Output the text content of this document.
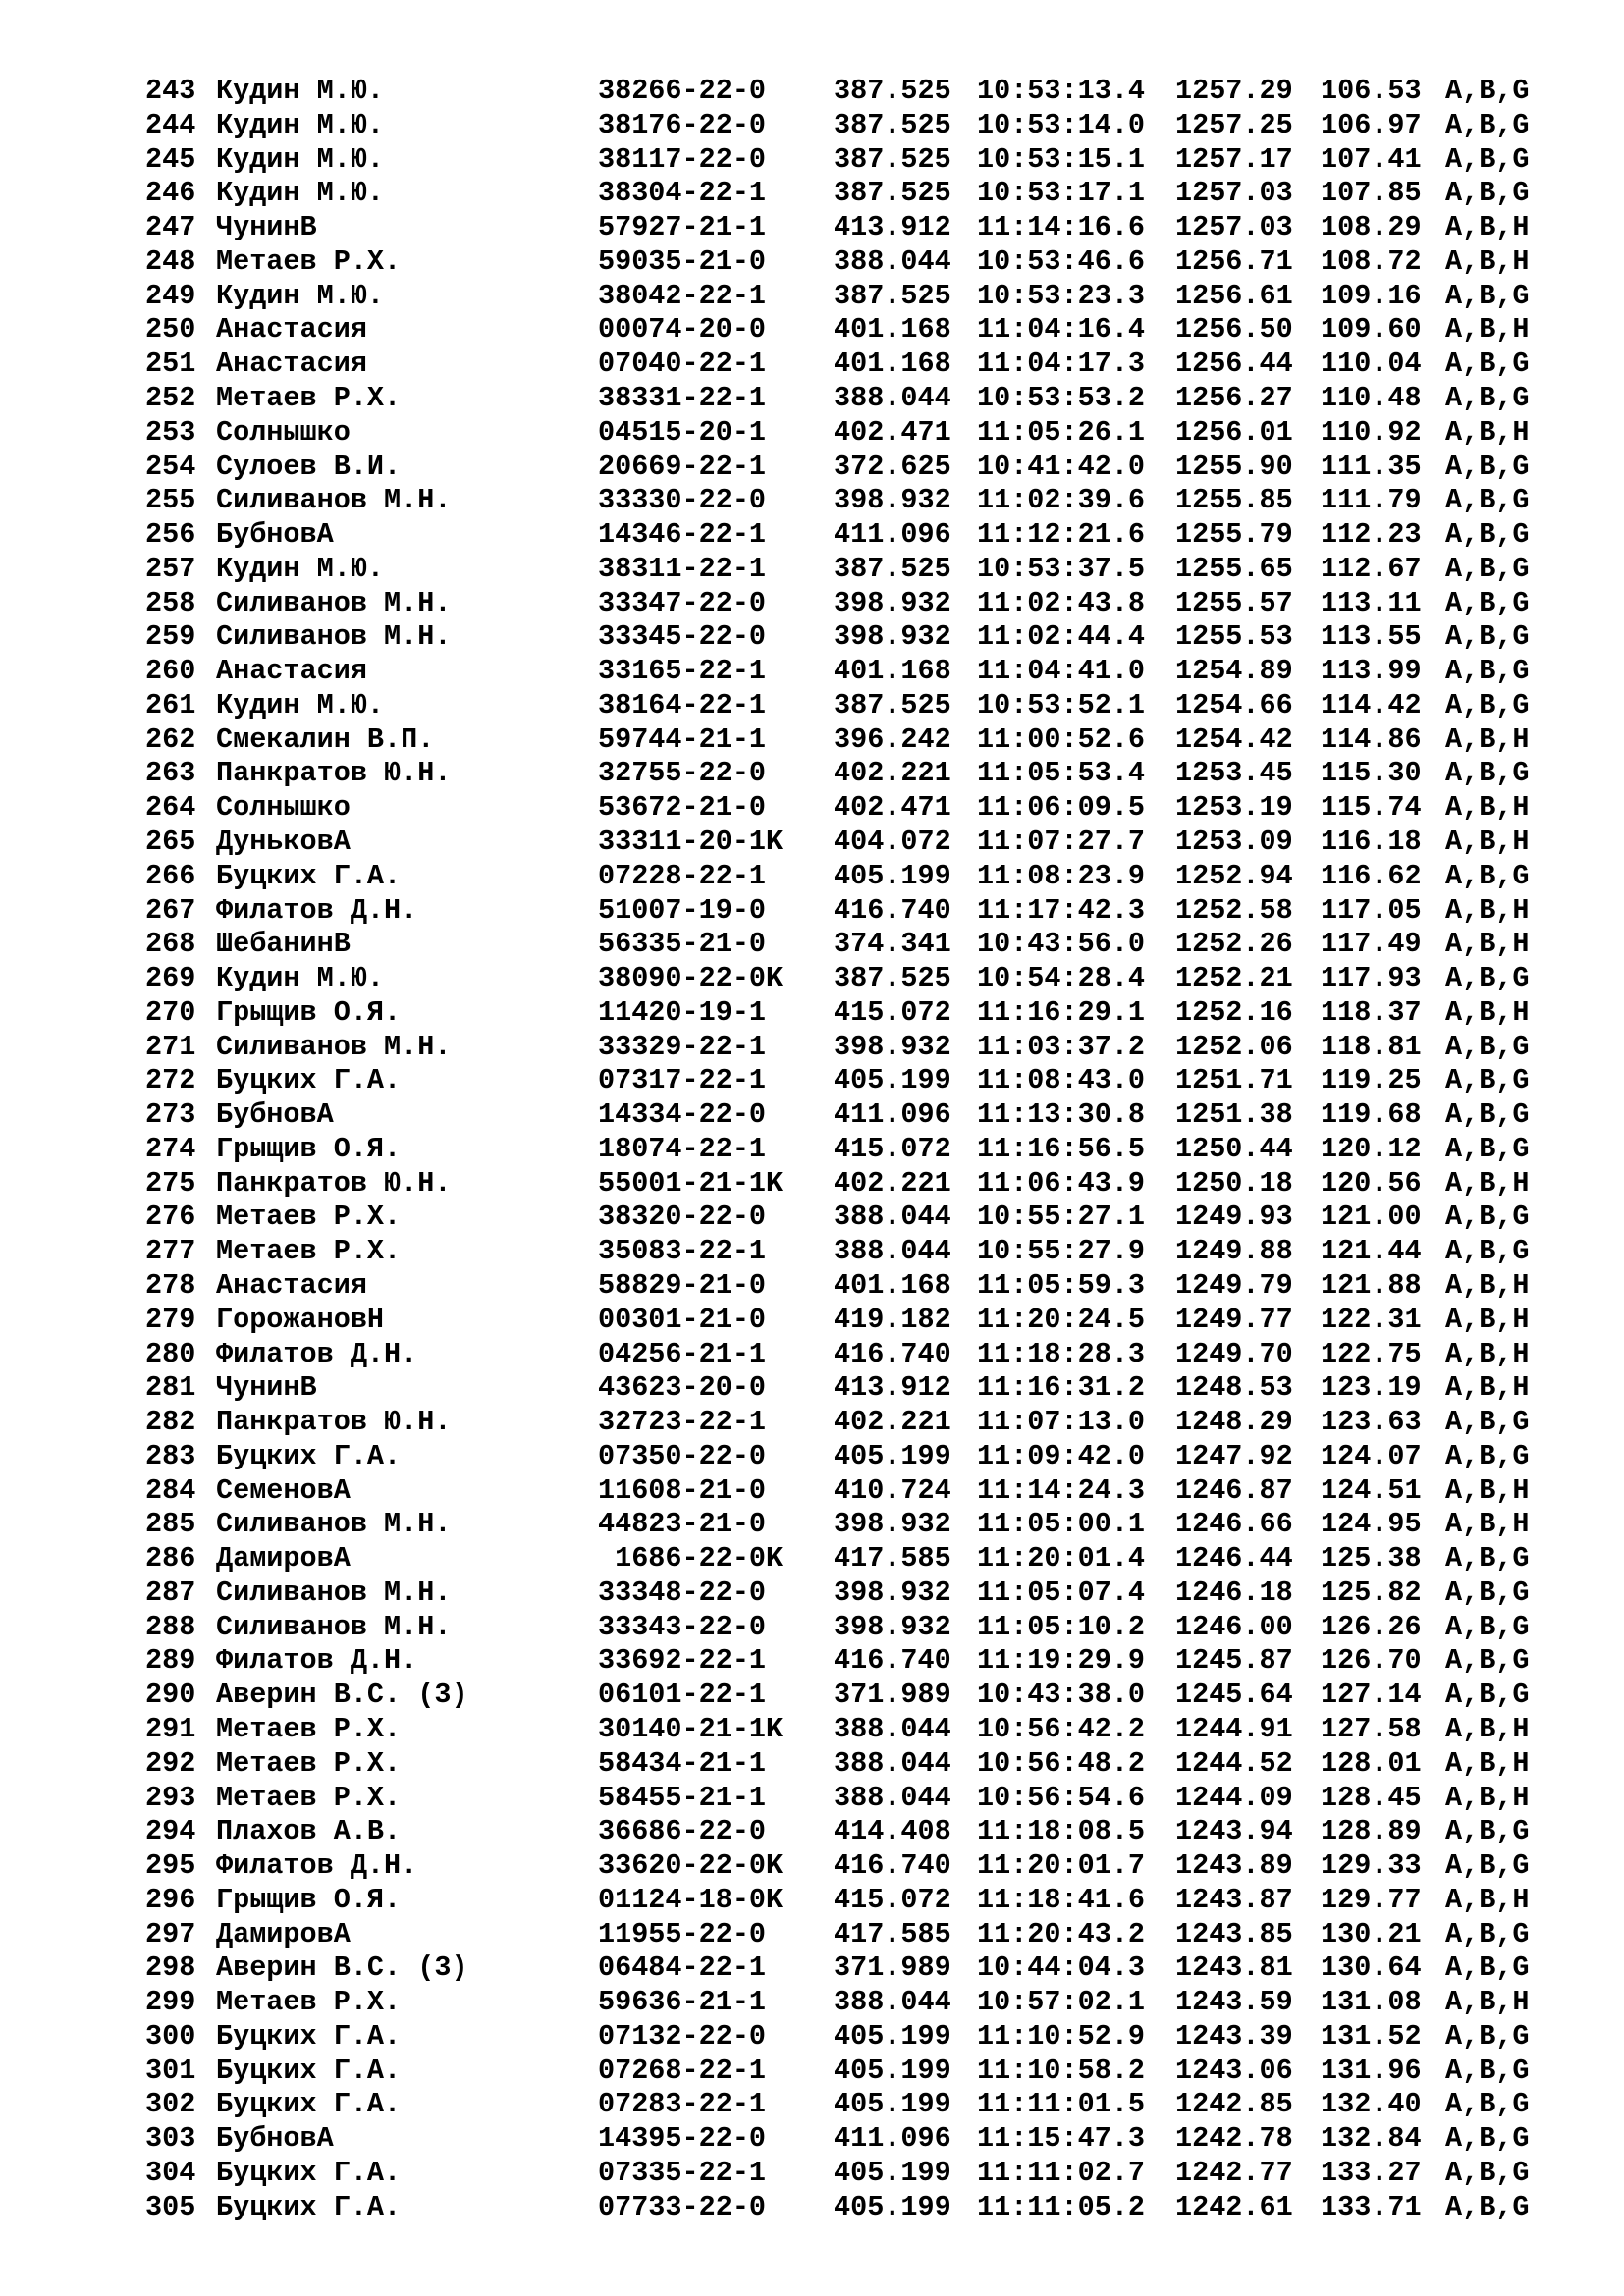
243 Кудин М.Ю.	38266-22-0 387.525 10:53:13.4 1257.29 106.53 A,B,G
244 Кудин М.Ю.	38176-22-0 387.525 10:53:14.0 1257.25 106.97 A,B,G
245 Кудин М.Ю.	38117-22-0 387.525 10:53:15.1 1257.17 107.41 A,B,G
246 Кудин М.Ю.	38304-22-1 387.525 10:53:17.1 1257.03 107.85 A,B,G
247 ЧунинВ	57927-21-1 413.912 11:14:16.6 1257.03 108.29 A,B,H
248 Метаев Р.Х.	59035-21-0 388.044 10:53:46.6 1256.71 108.72 A,B,H
249 Кудин М.Ю.	38042-22-1 387.525 10:53:23.3 1256.61 109.16 A,B,G
250 Анастасия	00074-20-0 401.168 11:04:16.4 1256.50 109.60 A,B,H
251 Анастасия	07040-22-1 401.168 11:04:17.3 1256.44 110.04 A,B,G
252 Метаев Р.Х.	38331-22-1 388.044 10:53:53.2 1256.27 110.48 A,B,G
253 Солнышко	04515-20-1 402.471 11:05:26.1 1256.01 110.92 A,B,H
254 Сулоев В.И.	20669-22-1 372.625 10:41:42.0 1255.90 111.35 A,B,G
255 Силиванов М.Н.	33330-22-0 398.932 11:02:39.6 1255.85 111.79 A,B,G
256 БубновА	14346-22-1 411.096 11:12:21.6 1255.79 112.23 A,B,G
257 Кудин М.Ю.	38311-22-1 387.525 10:53:37.5 1255.65 112.67 A,B,G
258 Силиванов М.Н.	33347-22-0 398.932 11:02:43.8 1255.57 113.11 A,B,G
259 Силиванов М.Н.	33345-22-0 398.932 11:02:44.4 1255.53 113.55 A,B,G
260 Анастасия	33165-22-1 401.168 11:04:41.0 1254.89 113.99 A,B,G
261 Кудин М.Ю.	38164-22-1 387.525 10:53:52.1 1254.66 114.42 A,B,G
262 Смекалин В.П.	59744-21-1 396.242 11:00:52.6 1254.42 114.86 A,B,H
263 Панкратов Ю.Н.	32755-22-0 402.221 11:05:53.4 1253.45 115.30 A,B,G
264 Солнышко	53672-21-0 402.471 11:06:09.5 1253.19 115.74 A,B,H
265 ДуньковА	33311-20-1K 404.072 11:07:27.7 1253.09 116.18 A,B,H
266 Буцких Г.А.	07228-22-1 405.199 11:08:23.9 1252.94 116.62 A,B,G
267 Филатов Д.Н.	51007-19-0 416.740 11:17:42.3 1252.58 117.05 A,B,H
268 ШебанинВ	56335-21-0 374.341 10:43:56.0 1252.26 117.49 A,B,H
269 Кудин М.Ю.	38090-22-0K 387.525 10:54:28.4 1252.21 117.93 A,B,G
270 Грыщив О.Я.	11420-19-1 415.072 11:16:29.1 1252.16 118.37 A,B,H
271 Силиванов М.Н.	33329-22-1 398.932 11:03:37.2 1252.06 118.81 A,B,G
272 Буцких Г.А.	07317-22-1 405.199 11:08:43.0 1251.71 119.25 A,B,G
273 БубновА	14334-22-0 411.096 11:13:30.8 1251.38 119.68 A,B,G
274 Грыщив О.Я.	18074-22-1 415.072 11:16:56.5 1250.44 120.12 A,B,G
275 Панкратов Ю.Н.	55001-21-1K 402.221 11:06:43.9 1250.18 120.56 A,B,H
276 Метаев Р.Х.	38320-22-0 388.044 10:55:27.1 1249.93 121.00 A,B,G
277 Метаев Р.Х.	35083-22-1 388.044 10:55:27.9 1249.88 121.44 A,B,G
278 Анастасия	58829-21-0 401.168 11:05:59.3 1249.79 121.88 A,B,H
279 ГорожановН	00301-21-0 419.182 11:20:24.5 1249.77 122.31 A,B,H
280 Филатов Д.Н.	04256-21-1 416.740 11:18:28.3 1249.70 122.75 A,B,H
281 ЧунинВ	43623-20-0 413.912 11:16:31.2 1248.53 123.19 A,B,H
282 Панкратов Ю.Н.	32723-22-1 402.221 11:07:13.0 1248.29 123.63 A,B,G
283 Буцких Г.А.	07350-22-0 405.199 11:09:42.0 1247.92 124.07 A,B,G
284 СеменовА	11608-21-0 410.724 11:14:24.3 1246.87 124.51 A,B,H
285 Силиванов М.Н.	44823-21-0 398.932 11:05:00.1 1246.66 124.95 A,B,H
286 ДамировА	1686-22-0K 417.585 11:20:01.4 1246.44 125.38 A,B,G
287 Силиванов М.Н.	33348-22-0 398.932 11:05:07.4 1246.18 125.82 A,B,G
288 Силиванов М.Н.	33343-22-0 398.932 11:05:10.2 1246.00 126.26 A,B,G
289 Филатов Д.Н.	33692-22-1 416.740 11:19:29.9 1245.87 126.70 A,B,G
290 Аверин В.С. (3)	06101-22-1 371.989 10:43:38.0 1245.64 127.14 A,B,G
291 Метаев Р.Х.	30140-21-1K 388.044 10:56:42.2 1244.91 127.58 A,B,H
292 Метаев Р.Х.	58434-21-1 388.044 10:56:48.2 1244.52 128.01 A,B,H
293 Метаев Р.Х.	58455-21-1 388.044 10:56:54.6 1244.09 128.45 A,B,H
294 Плахов А.В.	36686-22-0 414.408 11:18:08.5 1243.94 128.89 A,B,G
295 Филатов Д.Н.	33620-22-0K 416.740 11:20:01.7 1243.89 129.33 A,B,G
296 Грыщив О.Я.	01124-18-0K 415.072 11:18:41.6 1243.87 129.77 A,B,H
297 ДамировА	11955-22-0 417.585 11:20:43.2 1243.85 130.21 A,B,G
298 Аверин В.С. (3)	06484-22-1 371.989 10:44:04.3 1243.81 130.64 A,B,G
299 Метаев Р.Х.	59636-21-1 388.044 10:57:02.1 1243.59 131.08 A,B,H
300 Буцких Г.А.	07132-22-0 405.199 11:10:52.9 1243.39 131.52 A,B,G
301 Буцких Г.А.	07268-22-1 405.199 11:10:58.2 1243.06 131.96 A,B,G
302 Буцких Г.А.	07283-22-1 405.199 11:11:01.5 1242.85 132.40 A,B,G
303 БубновА	14395-22-0 411.096 11:15:47.3 1242.78 132.84 A,B,G
304 Буцких Г.А.	07335-22-1 405.199 11:11:02.7 1242.77 133.27 A,B,G
305 Буцких Г.А.	07733-22-0 405.199 11:11:05.2 1242.61 133.71 A,B,G
